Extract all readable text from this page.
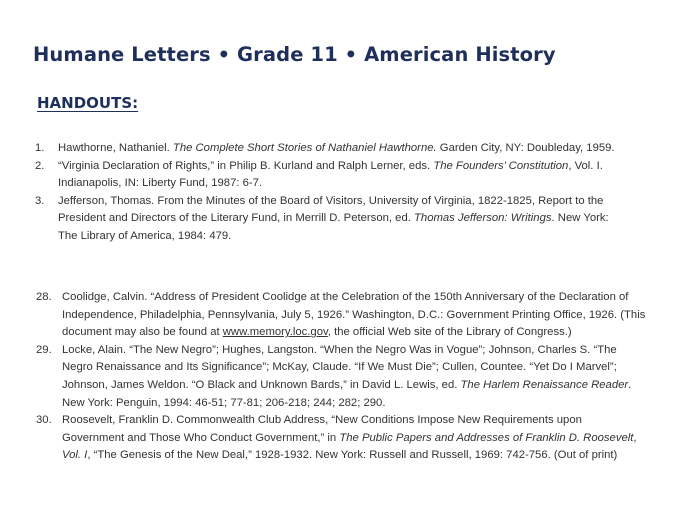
Humane Letters • Grade 11 • American History
HANDOUTS:
1. Hawthorne, Nathaniel. The Complete Short Stories of Nathaniel Hawthorne. Garden City, NY: Doubleday, 1959.
2. “Virginia Declaration of Rights,” in Philip B. Kurland and Ralph Lerner, eds. The Founders’ Constitution, Vol. I.
Indianapolis, IN: Liberty Fund, 1987: 6-7.
3. Jefferson, Thomas. From the Minutes of the Board of Visitors, University of Virginia, 1822-1825, Report to the
President and Directors of the Literary Fund, in Merrill D. Peterson, ed. Thomas Jefferson: Writings. New York:
The Library of America, 1984: 479.
28. Coolidge, Calvin. “Address of President Coolidge at the Celebration of the 150th Anniversary of the Declaration of
Independence, Philadelphia, Pennsylvania, July 5, 1926.” Washington, D.C.: Government Printing Office, 1926. (This
document may also be found at www.memory.loc.gov, the official Web site of the Library of Congress.)
29. Locke, Alain. “The New Negro”; Hughes, Langston. “When the Negro Was in Vogue”; Johnson, Charles S. “The
Negro Renaissance and Its Significance”; McKay, Claude. “If We Must Die”; Cullen, Countee. “Yet Do I Marvel”;
Johnson, James Weldon. “O Black and Unknown Bards,” in David L. Lewis, ed. The Harlem Renaissance Reader.
New York: Penguin, 1994: 46-51; 77-81; 206-218; 244; 282; 290.
30. Roosevelt, Franklin D. Commonwealth Club Address, “New Conditions Impose New Requirements upon
Government and Those Who Conduct Government,” in The Public Papers and Addresses of Franklin D. Roosevelt,
Vol. I, “The Genesis of the New Deal,” 1928-1932. New York: Russell and Russell, 1969: 742-756. (Out of print)
